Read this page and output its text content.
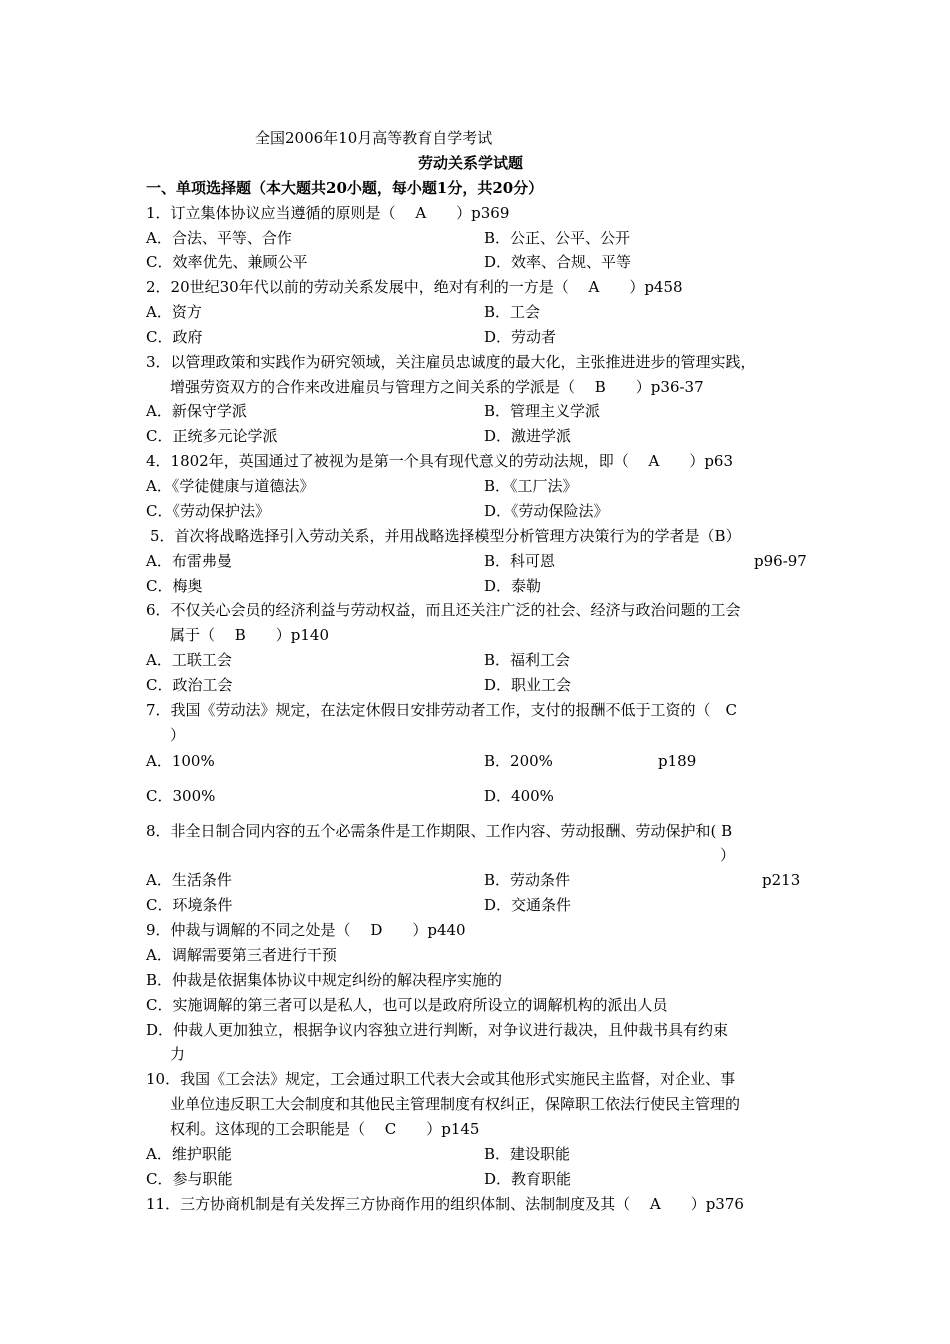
全国2006年10月高等教育自学考试
劳动关系学试题
一、单项选择题（本大题共20小题，每小题1分，共20分）
1．订立集体协议应当遵循的原则是（　 A　　）p369
A．合法、平等、合作	B．公正、公平、公开
C．效率优先、兼顾公平	D．效率、合规、平等
2．20世纪30年代以前的劳动关系发展中，绝对有利的一方是（　 A　　）p458
A．资方	B．工会
C．政府	D．劳动者
3．以管理政策和实践作为研究领域，关注雇员忠诚度的最大化，主张推进进步的管理实践，
增强劳资双方的合作来改进雇员与管理方之间关系的学派是（　 B　　）p36-37
A．新保守学派	B．管理主义学派
C．正统多元论学派	D．激进学派
4．1802年，英国通过了被视为是第一个具有现代意义的劳动法规，即（　 A　　）p63
A．《学徒健康与道德法》	B．《工厂法》
C．《劳动保护法》	D．《劳动保险法》
5．首次将战略选择引入劳动关系，并用战略选择模型分析管理方决策行为的学者是（B）
A．布雷弗曼	B．科可恩	p96-97
C．梅奥	D．泰勒
6．不仅关心会员的经济利益与劳动权益，而且还关注广泛的社会、经济与政治问题的工会
属于（　 B　　）p140
A．工联工会	B．福利工会
C．政治工会	D．职业工会
7．我国《劳动法》规定，在法定休假日安排劳动者工作，支付的报酬不低于工资的（　C
）
A．100%	B．200%	p189
C．300%	D．400%
8．非全日制合同内容的五个必需条件是工作期限、工作内容、劳动报酬、劳动保护和( B
）
A．生活条件	B．劳动条件	p213
C．环境条件	D．交通条件
9．仲裁与调解的不同之处是（　 D　　）p440
A．调解需要第三者进行干预
B．仲裁是依据集体协议中规定纠纷的解决程序实施的
C．实施调解的第三者可以是私人，也可以是政府所设立的调解机构的派出人员
D．仲裁人更加独立，根据争议内容独立进行判断，对争议进行裁决，且仲裁书具有约束
力
10．我国《工会法》规定，工会通过职工代表大会或其他形式实施民主监督，对企业、事
业单位违反职工大会制度和其他民主管理制度有权纠正，保障职工依法行使民主管理的
权利。这体现的工会职能是（　 C　　）p145
A．维护职能	B．建设职能
C．参与职能	D．教育职能
11．三方协商机制是有关发挥三方协商作用的组织体制、法制制度及其（　 A　　）p376
